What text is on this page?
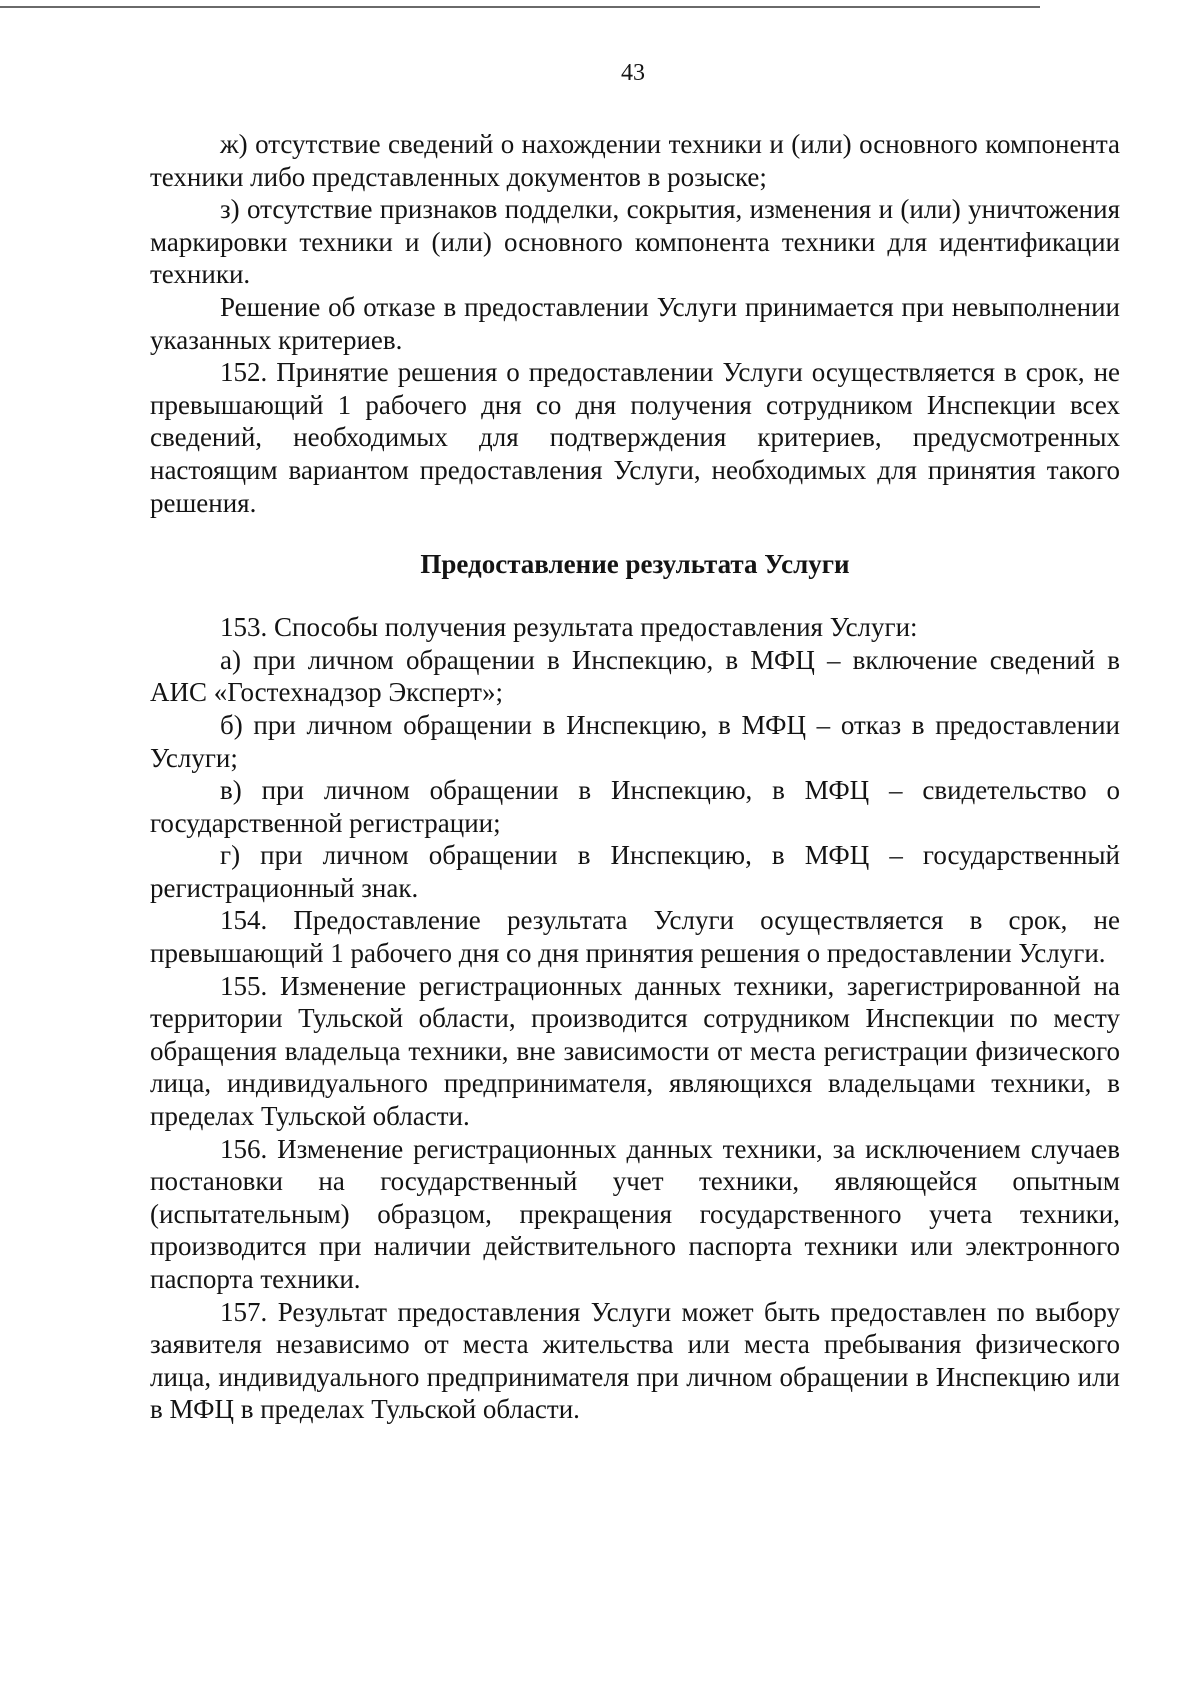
43

ж) отсутствие сведений о нахождении техники и (или) основного компонента техники либо представленных документов в розыске;

з) отсутствие признаков подделки, сокрытия, изменения и (или) уничтожения маркировки техники и (или) основного компонента техники для идентификации техники.

Решение об отказе в предоставлении Услуги принимается при невыполнении указанных критериев.

152. Принятие решения о предоставлении Услуги осуществляется в срок, не превышающий 1 рабочего дня со дня получения сотрудником Инспекции всех сведений, необходимых для подтверждения критериев, предусмотренных настоящим вариантом предоставления Услуги, необходимых для принятия такого решения.

Предоставление результата Услуги

153. Способы получения результата предоставления Услуги:

а) при личном обращении в Инспекцию, в МФЦ – включение сведений в АИС «Гостехнадзор Эксперт»;

б) при личном обращении в Инспекцию, в МФЦ – отказ в предоставлении Услуги;

в) при личном обращении в Инспекцию, в МФЦ – свидетельство о государственной регистрации;

г) при личном обращении в Инспекцию, в МФЦ – государственный регистрационный знак.

154. Предоставление результата Услуги осуществляется в срок, не превышающий 1 рабочего дня со дня принятия решения о предоставлении Услуги.

155. Изменение регистрационных данных техники, зарегистрированной на территории Тульской области, производится сотрудником Инспекции по месту обращения владельца техники, вне зависимости от места регистрации физического лица, индивидуального предпринимателя, являющихся владельцами техники, в пределах Тульской области.

156. Изменение регистрационных данных техники, за исключением случаев постановки на государственный учет техники, являющейся опытным (испытательным) образцом, прекращения государственного учета техники, производится при наличии действительного паспорта техники или электронного паспорта техники.

157. Результат предоставления Услуги может быть предоставлен по выбору заявителя независимо от места жительства или места пребывания физического лица, индивидуального предпринимателя при личном обращении в Инспекцию или в МФЦ в пределах Тульской области.
